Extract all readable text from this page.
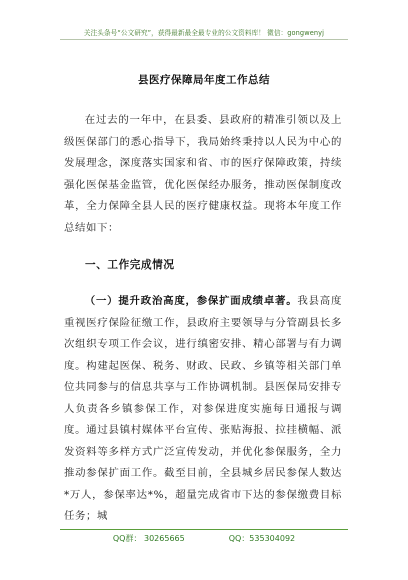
关注头条号“公文研究”，获得最新最全最专业的公文资料库！ 微信：gongwenyj
县医疗保障局年度工作总结

在过去的一年中，在县委、县政府的精准引领以及上级医保部门的悉心指导下，我局始终秉持以人民为中心的发展理念，深度落实国家和省、市的医疗保障政策，持续强化医保基金监管，优化医保经办服务，推动医保制度改革，全力保障全县人民的医疗健康权益。现将本年度工作总结如下：

一、工作完成情况

（一）提升政治高度，参保扩面成绩卓著。我县高度重视医疗保险征缴工作，县政府主要领导与分管副县长多次组织专项工作会议，进行缜密安排、精心部署与有力调度。构建起医保、税务、财政、民政、乡镇等相关部门单位共同参与的信息共享与工作协调机制。县医保局安排专人负责各乡镇参保工作，对参保进度实施每日通报与调度。通过县镇村媒体平台宣传、张贴海报、拉挂横幅、派发资料等多样方式广泛宣传发动，并优化参保服务，全力推动参保扩面工作。截至目前，全县城乡居民参保人数达*万人，参保率达*%，超量完成省市下达的参保缴费目标任务；城

QQ群： 30265665	QQ：535304092
